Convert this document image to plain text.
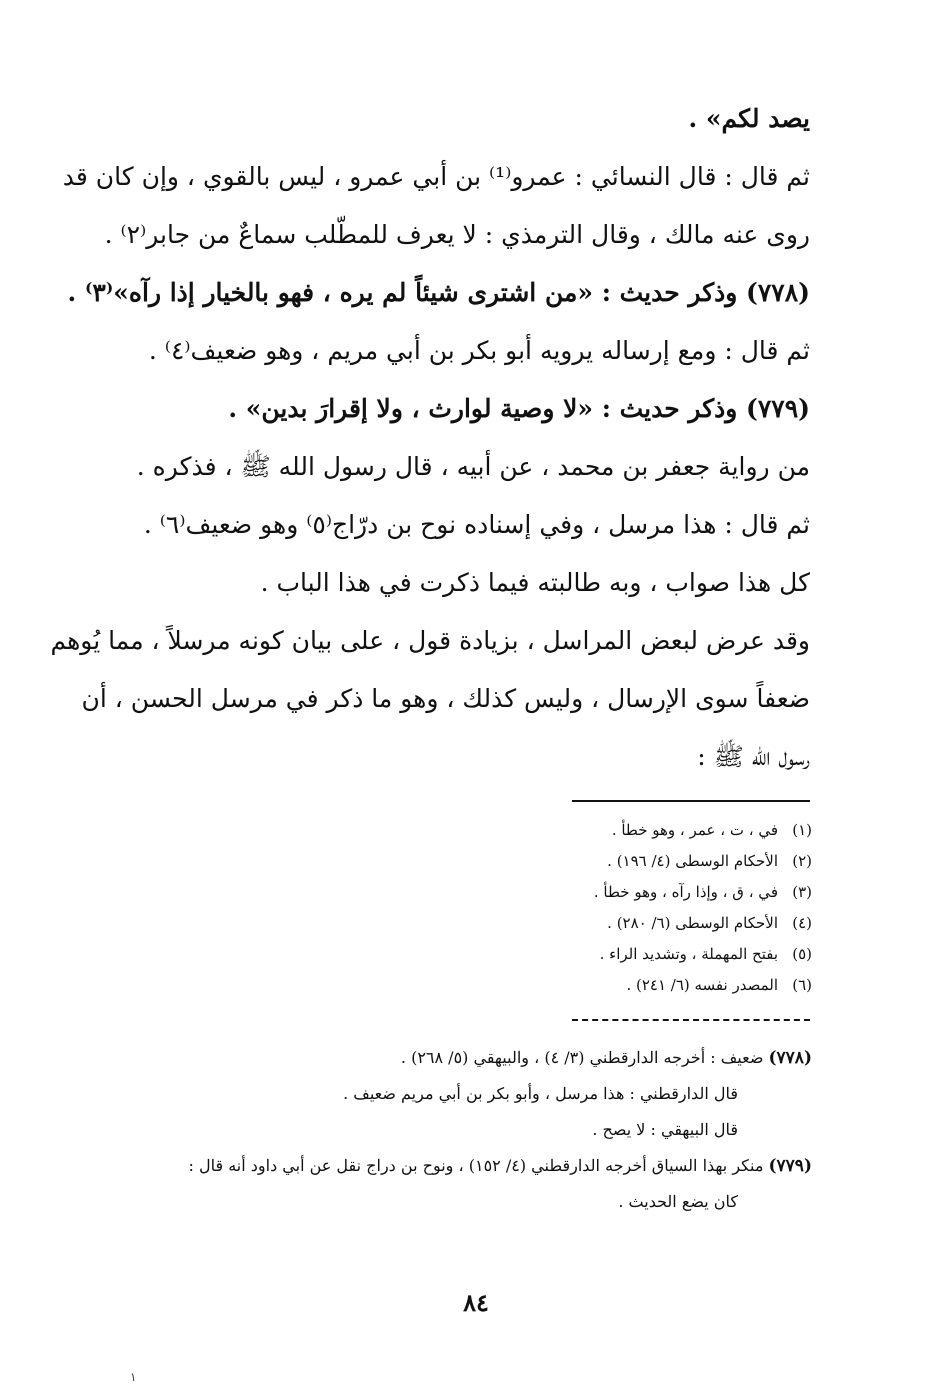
يصد لكم» .
ثم قال : قال النسائي : عمرو⁽¹⁾ بن أبي عمرو ، ليس بالقوي ، وإن كان قد
روى عنه مالك ، وقال الترمذي : لا يعرف للمطّلب سماعٌ من جابر⁽٢⁾ .
(٧٧٨) وذكر حديث : «من اشترى شيئاً لم يره ، فهو بالخيار إذا رآه»⁽٣⁾ .
ثم قال : ومع إرساله يرويه أبو بكر بن أبي مريم ، وهو ضعيف⁽٤⁾ .
(٧٧٩) وذكر حديث : «لا وصية لوارث ، ولا إقرارَ بدين» .
من رواية جعفر بن محمد ، عن أبيه ، قال رسول الله ﷺ ، فذكره .
ثم قال : هذا مرسل ، وفي إسناده نوح بن درّاج⁽٥⁾ وهو ضعيف⁽٦⁾ .
كل هذا صواب ، وبه طالبته فيما ذكرت في هذا الباب .
وقد عرض لبعض المراسل ، بزيادة قول ، على بيان كونه مرسلاً ، مما يُوهم
ضعفاً سوى الإرسال ، وليس كذلك ، وهو ما ذكر في مرسل الحسن ، أن
رسول الله ﷺ :
(١)في ، ت ، عمر ، وهو خطأ .
(٢)الأحكام الوسطى (٤/ ١٩٦) .
(٣)في ، ق ، وإذا رآه ، وهو خطأ .
(٤)الأحكام الوسطى (٦/ ٢٨٠) .
(٥)بفتح المهملة ، وتشديد الراء .
(٦)المصدر نفسه (٦/ ٢٤١) .
(٧٧٨) ضعيف : أخرجه الدارقطني (٣/ ٤) ، والبيهقي (٥/ ٢٦٨) .
قال الدارقطني : هذا مرسل ، وأبو بكر بن أبي مريم ضعيف .
قال البيهقي : لا يصح .
(٧٧٩) منكر بهذا السياق أخرجه الدارقطني (٤/ ١٥٢) ، ونوح بن دراج نقل عن أبي داود أنه قال :
كان يضع الحديث .
٨٤
١
